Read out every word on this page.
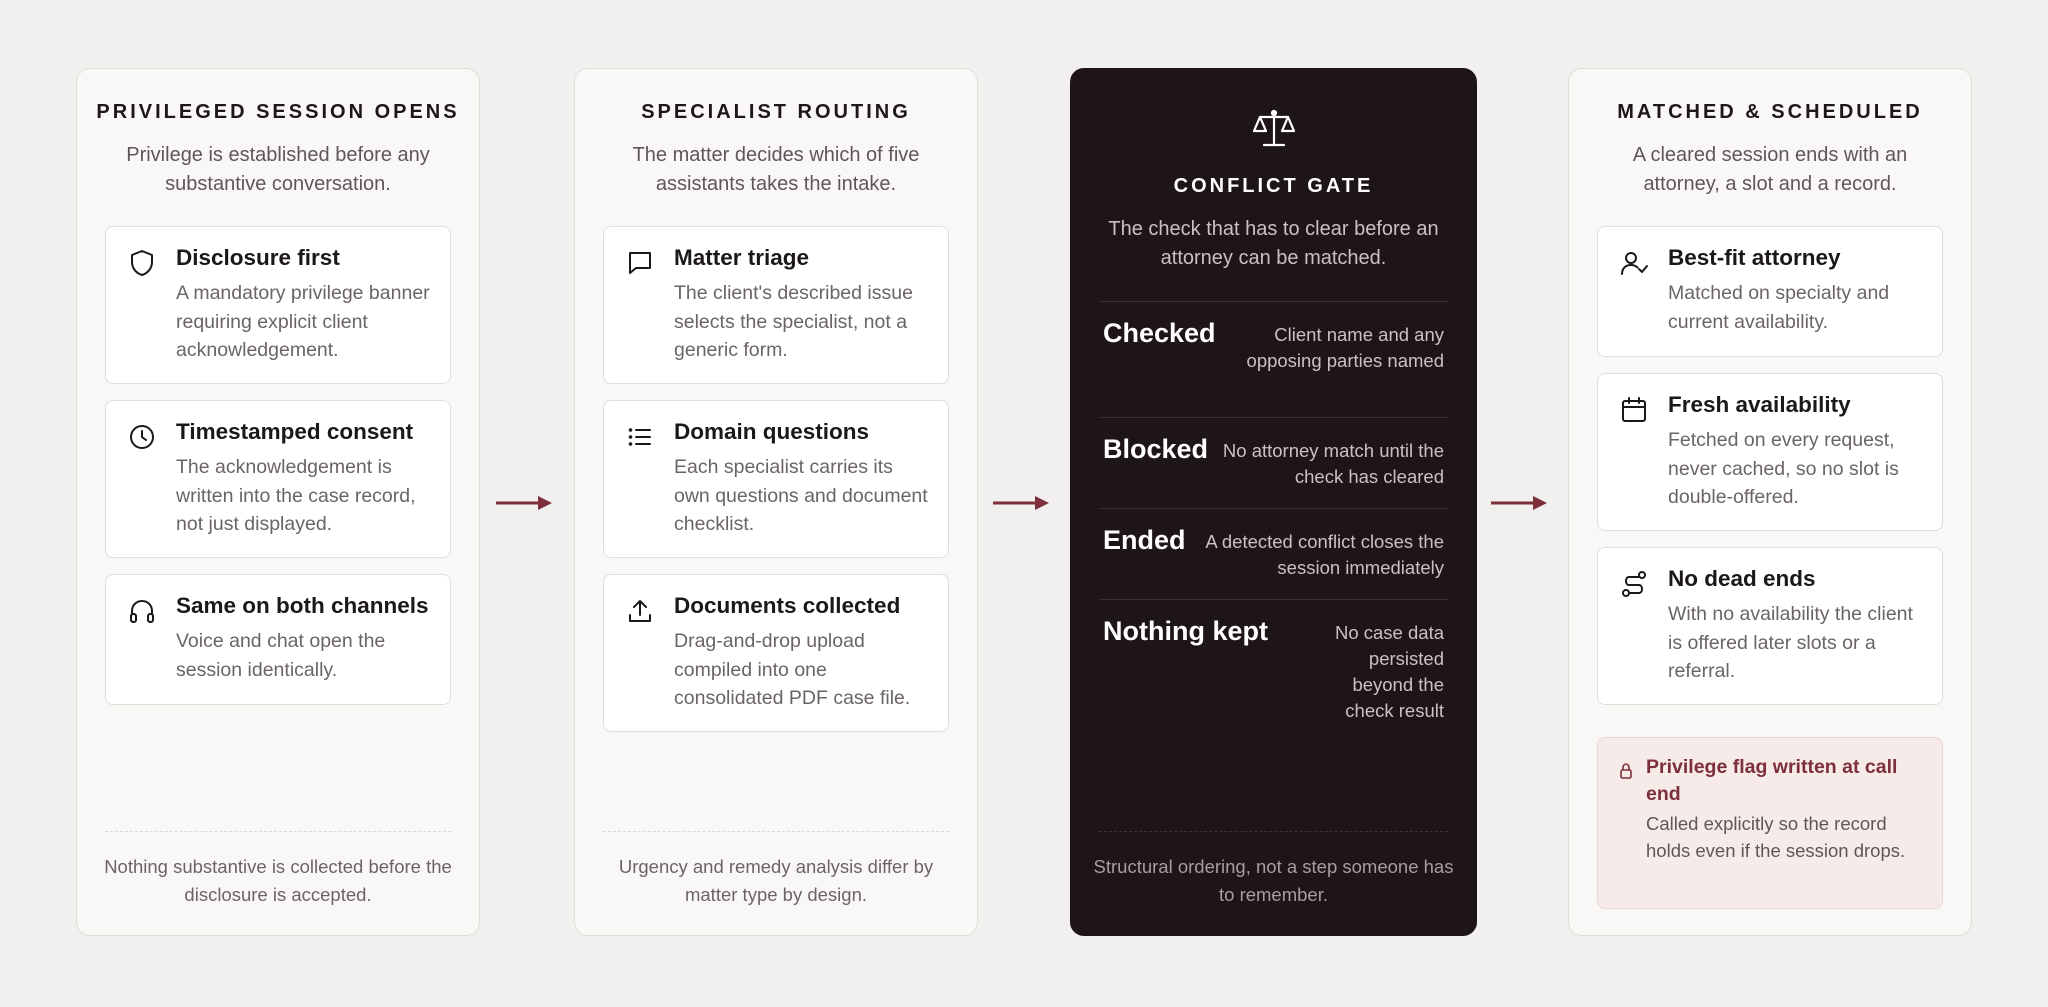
PRIVILEGED SESSION OPENS
Privilege is established before any substantive conversation.
Disclosure first
A mandatory privilege banner requiring explicit client acknowledgement.
Timestamped consent
The acknowledgement is written into the case record, not just displayed.
Same on both channels
Voice and chat open the session identically.
Nothing substantive is collected before the disclosure is accepted.
SPECIALIST ROUTING
The matter decides which of five assistants takes the intake.
Matter triage
The client's described issue selects the specialist, not a generic form.
Domain questions
Each specialist carries its own questions and document checklist.
Documents collected
Drag-and-drop upload compiled into one consolidated PDF case file.
Urgency and remedy analysis differ by matter type by design.
CONFLICT GATE
The check that has to clear before an attorney can be matched.
Checked	Client name and any opposing parties named
Blocked No attorney match until the check has cleared
Ended	A detected conflict closes the session immediately
Nothing kept	No case data persisted beyond the check result
Structural ordering, not a step someone has to remember.
MATCHED & SCHEDULED
A cleared session ends with an attorney, a slot and a record.
Best-fit attorney
Matched on specialty and current availability.
Fresh availability
Fetched on every request, never cached, so no slot is double-offered.
No dead ends
With no availability the client is offered later slots or a referral.
Privilege flag written at call end
Called explicitly so the record holds even if the session drops.
